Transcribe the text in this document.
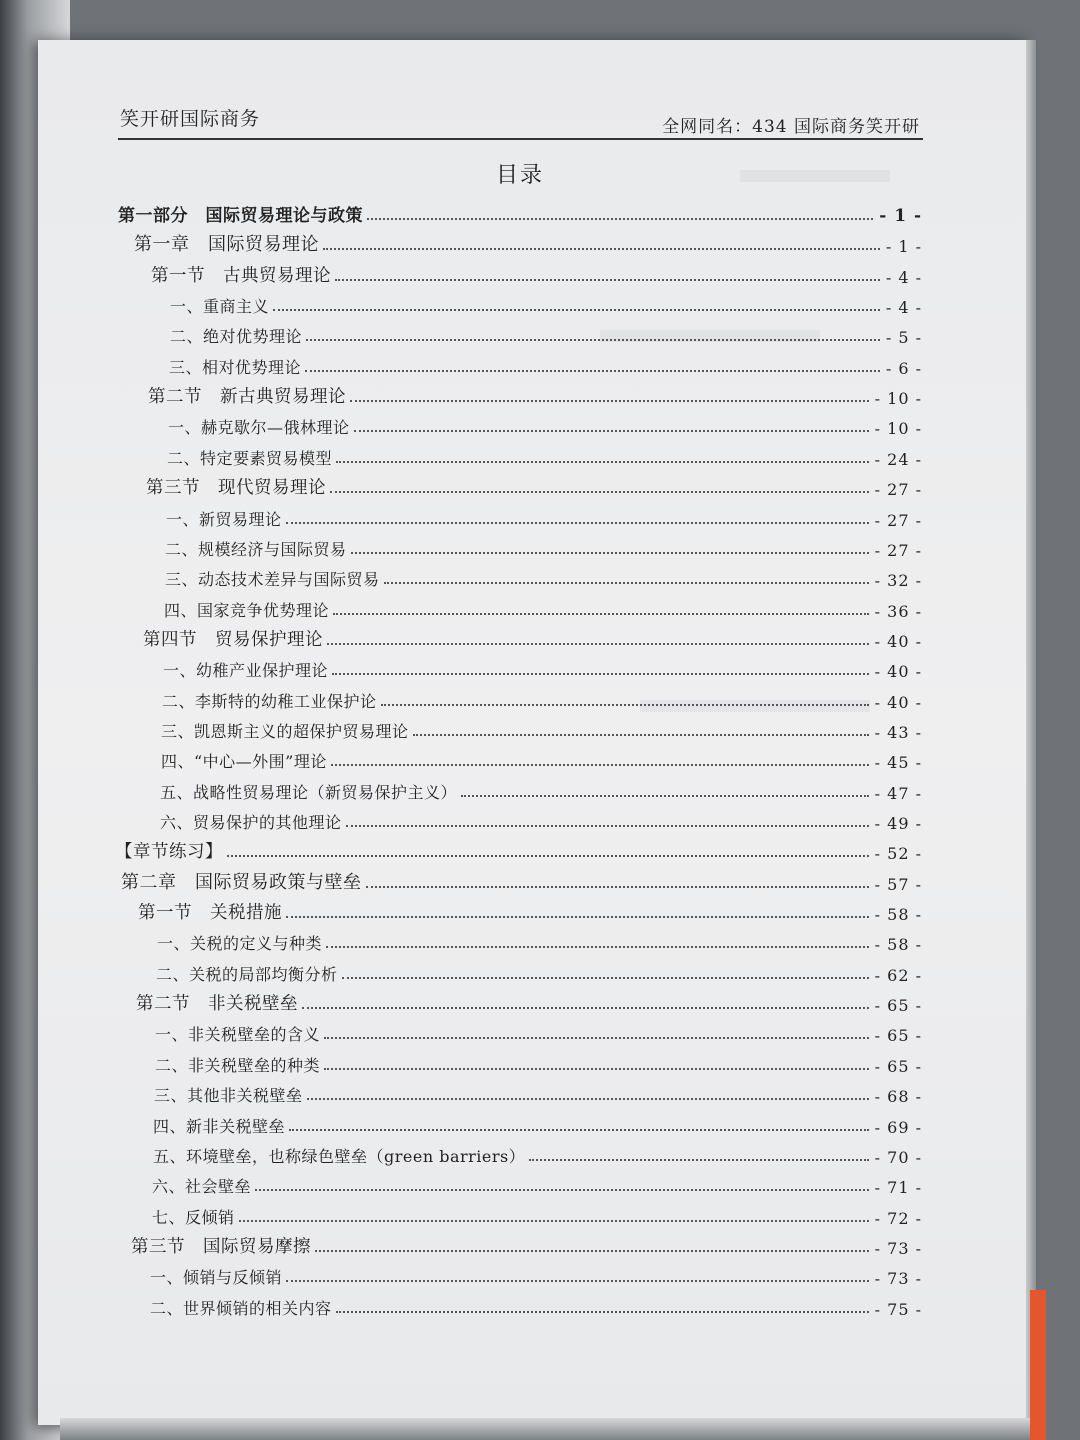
笑开研国际商务	全网同名：434 国际商务笑开研
目录
第一部分　国际贸易理论与政策	- 1 -
第一章　国际贸易理论	- 1 -
第一节　古典贸易理论	- 4 -
一、重商主义	- 4 -
二、绝对优势理论	- 5 -
三、相对优势理论	- 6 -
第二节　新古典贸易理论	- 10 -
一、赫克歇尔—俄林理论	- 10 -
二、特定要素贸易模型	- 24 -
第三节　现代贸易理论	- 27 -
一、新贸易理论	- 27 -
二、规模经济与国际贸易	- 27 -
三、动态技术差异与国际贸易	- 32 -
四、国家竞争优势理论	- 36 -
第四节　贸易保护理论	- 40 -
一、幼稚产业保护理论	- 40 -
二、李斯特的幼稚工业保护论	- 40 -
三、凯恩斯主义的超保护贸易理论	- 43 -
四、“中心—外围”理论	- 45 -
五、战略性贸易理论（新贸易保护主义）	- 47 -
六、贸易保护的其他理论	- 49 -
【章节练习】	- 52 -
第二章　国际贸易政策与壁垒	- 57 -
第一节　关税措施	- 58 -
一、关税的定义与种类	- 58 -
二、关税的局部均衡分析	- 62 -
第二节　非关税壁垒	- 65 -
一、非关税壁垒的含义	- 65 -
二、非关税壁垒的种类	- 65 -
三、其他非关税壁垒	- 68 -
四、新非关税壁垒	- 69 -
五、环境壁垒，也称绿色壁垒（green barriers）	- 70 -
六、社会壁垒	- 71 -
七、反倾销	- 72 -
第三节　国际贸易摩擦	- 73 -
一、倾销与反倾销	- 73 -
二、世界倾销的相关内容	- 75 -
